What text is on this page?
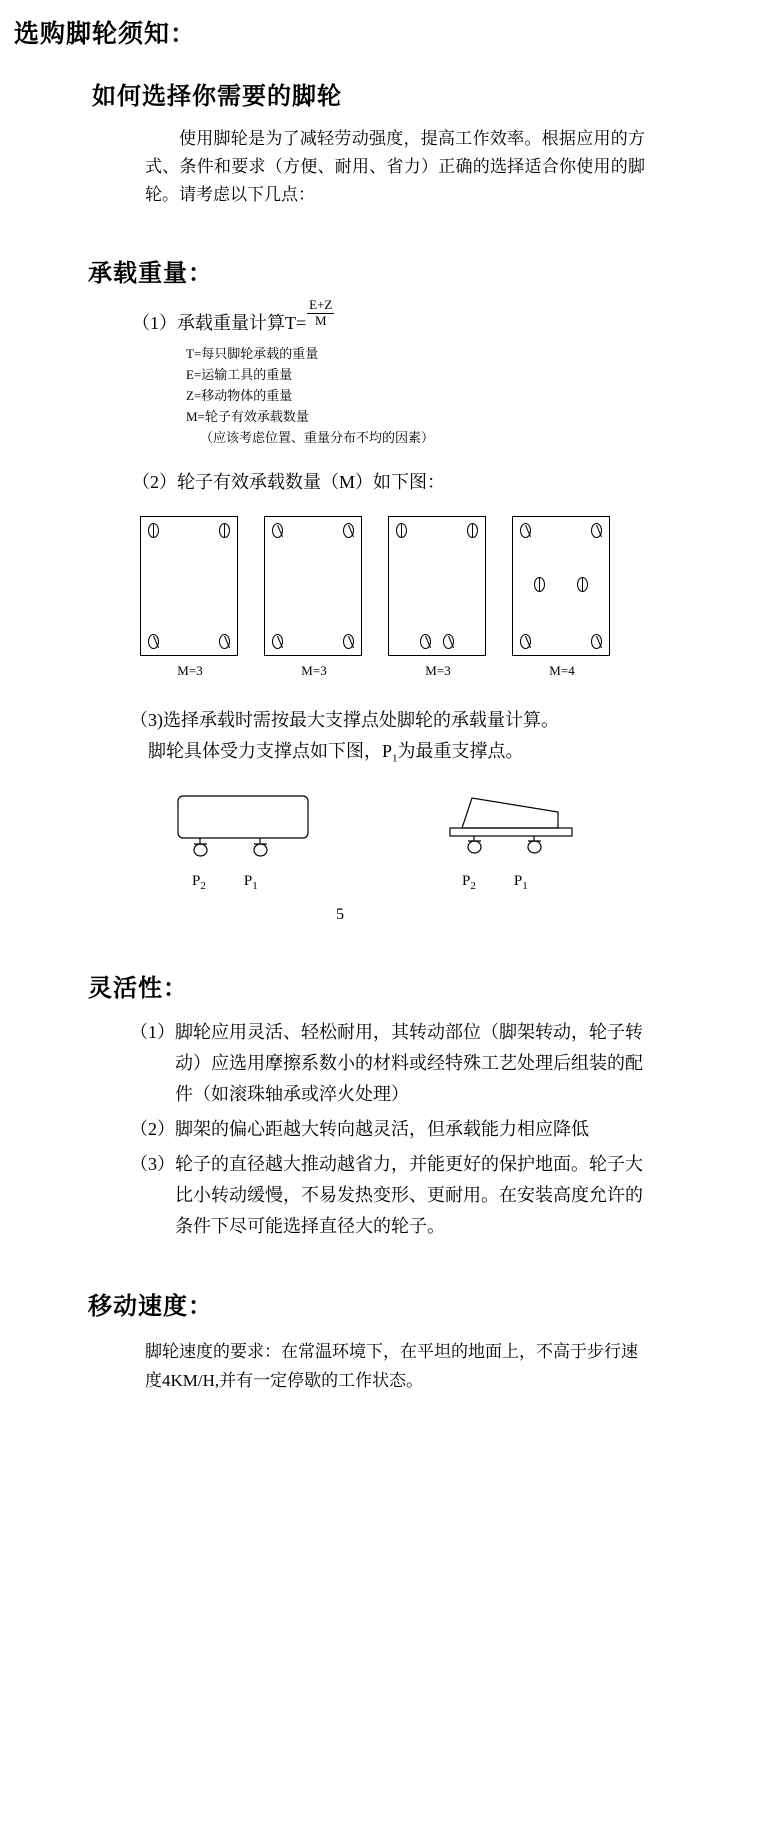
选购脚轮须知：
如何选择你需要的脚轮
使用脚轮是为了减轻劳动强度，提高工作效率。根据应用的方式、条件和要求（方便、耐用、省力）正确的选择适合你使用的脚轮。请考虑以下几点：
承载重量：
（1）承载重量计算$T= \frac{E+Z}{M}$
T=每只脚轮承载的重量
E=运输工具的重量
Z=移动物体的重量
M=轮子有效承载数量
（应该考虑位置、重量分布不均的因素）
（2）轮子有效承载数量（M）如下图：
M=3	M=3	M=3	M=4
（3)选择承载时需按最大支撑点处脚轮的承载量计算。
脚轮具体受力支撑点如下图，$P_1$为最重支撑点。
$P_2$	$P_1$	$P_2$	$P_1$
5
灵活性：
（1） 脚轮应用灵活、轻松耐用，其转动部位（脚架转动，轮子转动）应选用摩擦系数小的材料或经特殊工艺处理后组装的配件（如滚珠轴承或淬火处理）
（2） 脚架的偏心距越大转向越灵活，但承载能力相应降低
（3） 轮子的直径越大推动越省力，并能更好的保护地面。轮子大比小转动缓慢，不易发热变形、更耐用。在安装高度允许的条件下尽可能选择直径大的轮子。
移动速度：
脚轮速度的要求：在常温环境下，在平坦的地面上，不高于步行速度4KM/H,并有一定停歇的工作状态。
